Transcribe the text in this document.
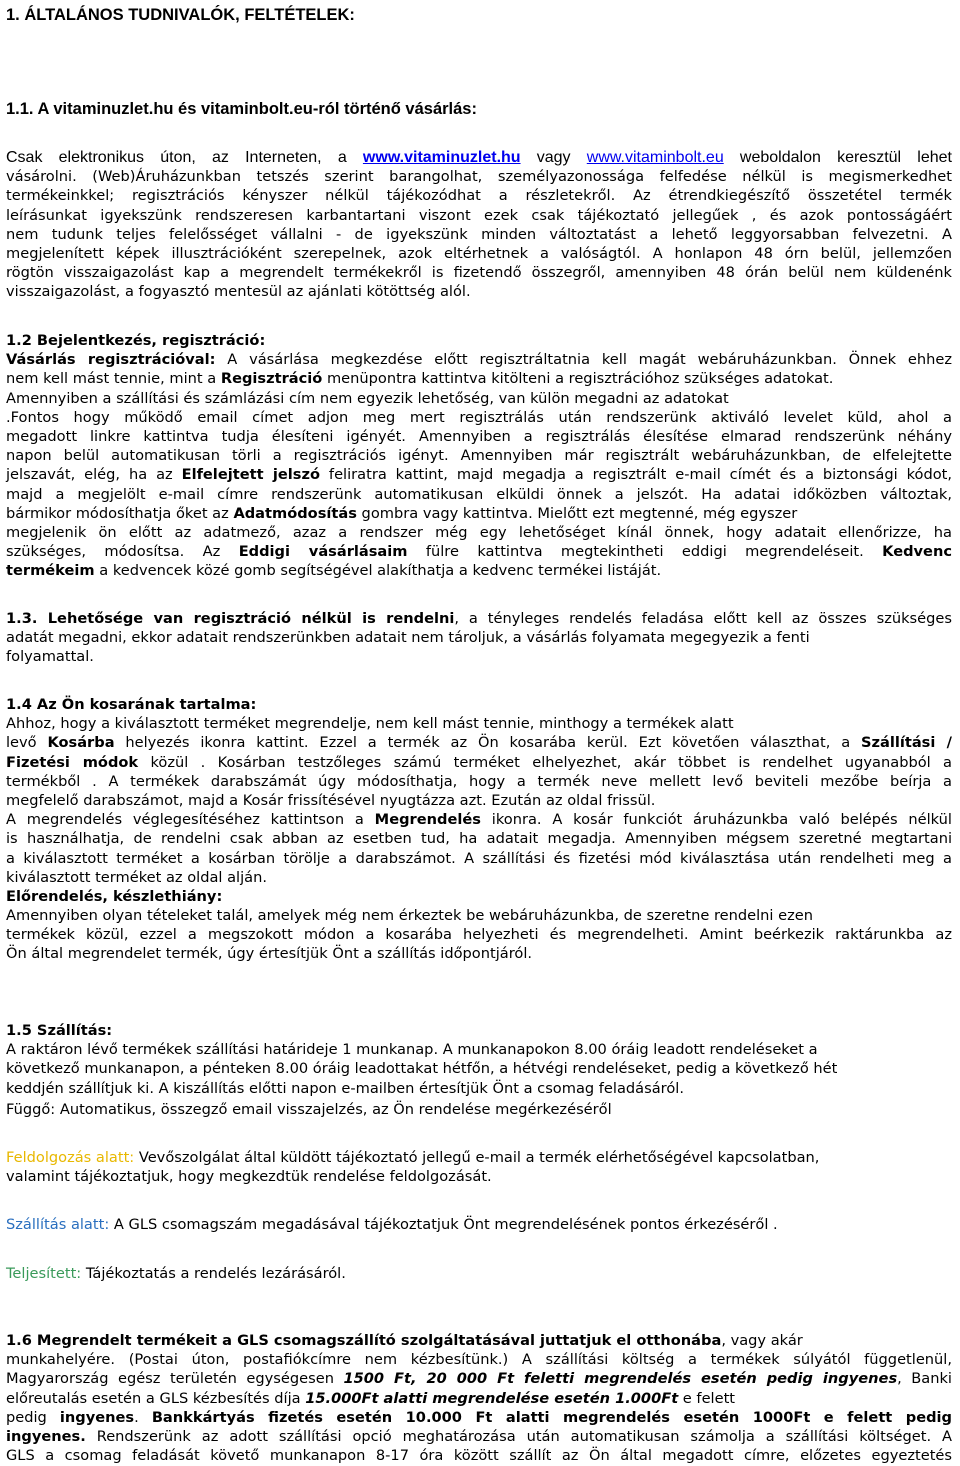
1. ÁLTALÁNOS TUDNIVALÓK, FELTÉTELEK:
1.1. A vitaminuzlet.hu és vitaminbolt.eu-ról történő vásárlás:
Csak elektronikus úton, az Interneten, a www.vitaminuzlet.hu vagy www.vitaminbolt.eu weboldalon keresztül lehet
vásárolni. (Web)Áruházunkban tetszés szerint barangolhat, személyazonossága felfedése nélkül is megismerkedhet
termékeinkkel; regisztrációs kényszer nélkül tájékozódhat a részletekről. Az étrendkiegészítő összetétel termék
leírásunkat igyekszünk rendszeresen karbantartani viszont ezek csak tájékoztató jellegűek , és azok pontosságáért
nem tudunk teljes felelősséget vállalni - de igyekszünk minden változtatást a lehető leggyorsabban felvezetni. A
megjelenített képek illusztrációként szerepelnek, azok eltérhetnek a valóságtól. A honlapon 48 órn belül, jellemzően
rögtön visszaigazolást kap a megrendelt termékekről is fizetendő összegről, amennyiben 48 órán belül nem küldenénk
visszaigazolást, a fogyasztó mentesül az ajánlati kötöttség alól.
1.2 Bejelentkezés, regisztráció:
Vásárlás regisztrációval: A vásárlása megkezdése előtt regisztráltatnia kell magát webáruházunkban. Önnek ehhez
nem kell mást tennie, mint a Regisztráció menüpontra kattintva kitölteni a regisztrációhoz szükséges adatokat.
Amennyiben a szállítási és számlázási cím nem egyezik lehetőség, van külön megadni az adatokat
.Fontos hogy működő email címet adjon meg mert regisztrálás után rendszerünk aktiváló levelet küld, ahol a
megadott linkre kattintva tudja élesíteni igényét. Amennyiben a regisztrálás élesítése elmarad rendszerünk néhány
napon belül automatikusan törli a regisztrációs igényt. Amennyiben már regisztrált webáruházunkban, de elfelejtette
jelszavát, elég, ha az Elfelejtett jelszó feliratra kattint, majd megadja a regisztrált e-mail címét és a biztonsági kódot,
majd a megjelölt e-mail címre rendszerünk automatikusan elküldi önnek a jelszót. Ha adatai időközben változtak,
bármikor módosíthatja őket az Adatmódosítás gombra vagy kattintva. Mielőtt ezt megtenné, még egyszer
megjelenik ön előtt az adatmező, azaz a rendszer még egy lehetőséget kínál önnek, hogy adatait ellenőrizze, ha
szükséges, módosítsa. Az Eddigi vásárlásaim fülre kattintva megtekintheti eddigi megrendeléseit. Kedvenc
termékeim a kedvencek közé gomb segítségével alakíthatja a kedvenc termékei listáját.
1.3. Lehetősége van regisztráció nélkül is rendelni, a tényleges rendelés feladása előtt kell az összes szükséges
adatát megadni, ekkor adatait rendszerünkben adatait nem tároljuk, a vásárlás folyamata megegyezik a fenti
folyamattal.
1.4 Az Ön kosarának tartalma:
Ahhoz, hogy a kiválasztott terméket megrendelje, nem kell mást tennie, minthogy a termékek alatt
levő Kosárba helyezés ikonra kattint. Ezzel a termék az Ön kosarába kerül. Ezt követően választhat, a Szállítási /
Fizetési módok közül . Kosárban testzőleges számú terméket elhelyezhet, akár többet is rendelhet ugyanabból a
termékből . A termékek darabszámát úgy módosíthatja, hogy a termék neve mellett levő beviteli mezőbe beírja a
megfelelő darabszámot, majd a Kosár frissítésével nyugtázza azt. Ezután az oldal frissül.
A megrendelés véglegesítéséhez kattintson a Megrendelés ikonra. A kosár funkciót áruházunkba való belépés nélkül
is használhatja, de rendelni csak abban az esetben tud, ha adatait megadja. Amennyiben mégsem szeretné megtartani
a kiválasztott terméket a kosárban törölje a darabszámot. A szállítási és fizetési mód kiválasztása után rendelheti meg a
kiválasztott terméket az oldal alján.
Előrendelés, készlethiány:
Amennyiben olyan tételeket talál, amelyek még nem érkeztek be webáruházunkba, de szeretne rendelni ezen
termékek közül, ezzel a megszokott módon a kosarába helyezheti és megrendelheti. Amint beérkezik raktárunkba az
Ön által megrendelet termék, úgy értesítjük Önt a szállítás időpontjáról.
1.5 Szállítás:
A raktáron lévő termékek szállítási határideje 1 munkanap. A munkanapokon 8.00 óráig leadott rendeléseket a
következő munkanapon, a pénteken 8.00 óráig leadottakat hétfőn, a hétvégi rendeléseket, pedig a következő hét
keddjén szállítjuk ki. A kiszállítás előtti napon e-mailben értesítjük Önt a csomag feladásáról.
Függő: Automatikus, összegző email visszajelzés, az Ön rendelése megérkezéséről
Feldolgozás alatt: Vevőszolgálat által küldött tájékoztató jellegű e-mail a termék elérhetőségével kapcsolatban,
valamint tájékoztatjuk, hogy megkezdtük rendelése feldolgozását.
Szállítás alatt: A GLS csomagszám megadásával tájékoztatjuk Önt megrendelésének pontos érkezéséről .
Teljesített: Tájékoztatás a rendelés lezárásáról.
1.6 Megrendelt termékeit a GLS csomagszállító szolgáltatásával juttatjuk el otthonába, vagy akár
munkahelyére. (Postai úton, postafiókcímre nem kézbesítünk.) A szállítási költség a termékek súlyától függetlenül,
Magyarország egész területén egységesen 1500 Ft, 20 000 Ft feletti megrendelés esetén pedig ingyenes, Banki
előreutalás esetén a GLS kézbesítés díja 15.000Ft alatti megrendelése esetén 1.000Ft e felett
pedig ingyenes. Bankkártyás fizetés esetén 10.000 Ft alatti megrendelés esetén 1000Ft e felett pedig
ingyenes. Rendszerünk az adott szállítási opció meghatározása után automatikusan számolja a szállítási költséget. A
GLS a csomag feladását követő munkanapon 8-17 óra között szállít az Ön által megadott címre, előzetes egyeztetés
